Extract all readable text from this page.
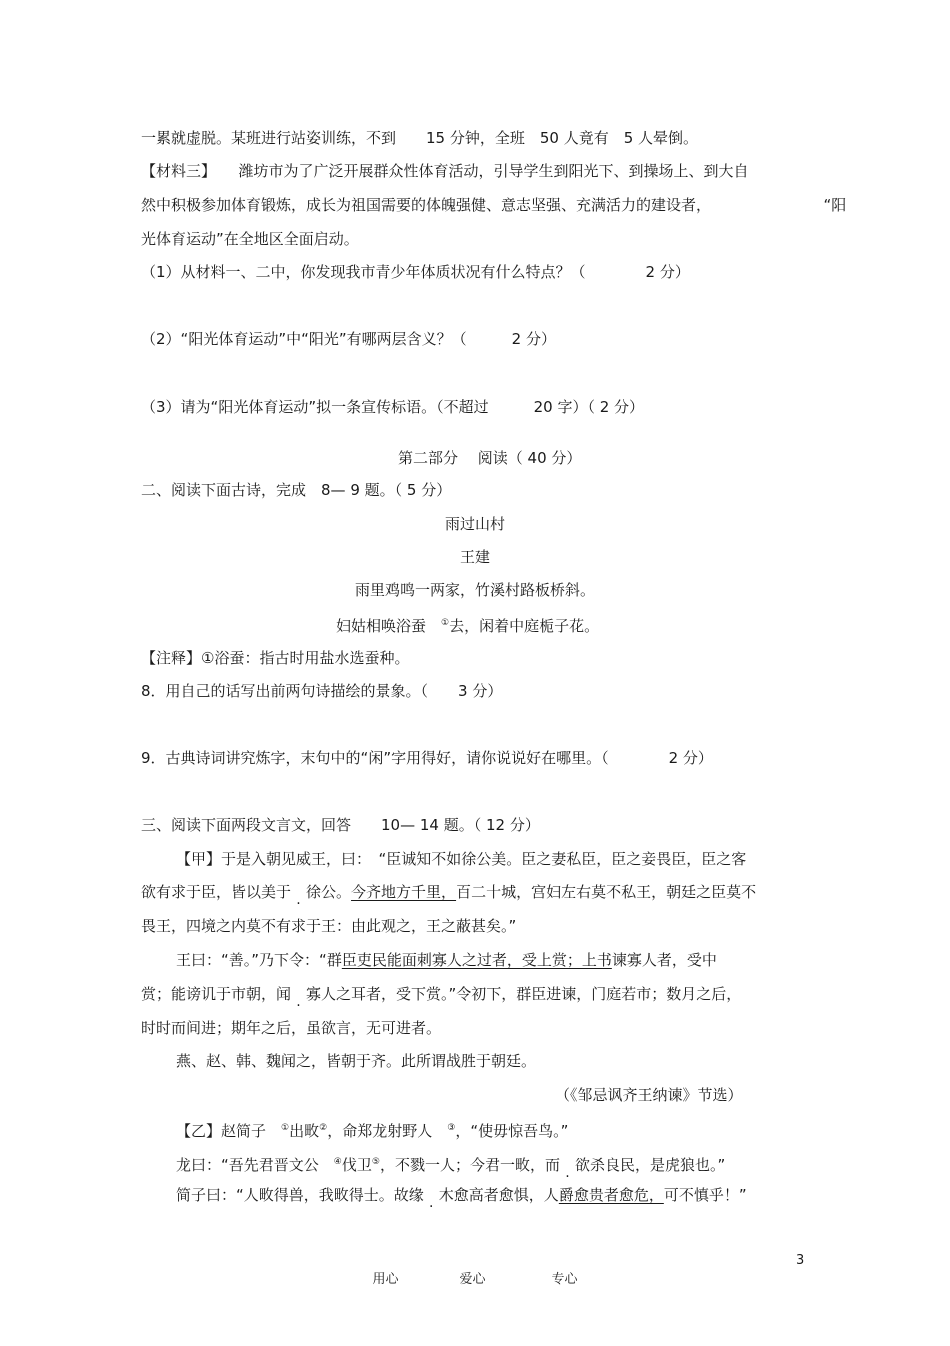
一累就虚脱。某班进行站姿训练，不到　　15 分钟，全班　50 人竟有　5 人晕倒。
【材料三】　　潍坊市为了广泛开展群众性体育活动，引导学生到阳光下、到操场上、到大自
然中积极参加体育锻炼，成长为祖国需要的体魄强健、意志坚强、充满活力的建设者，　　　　　　　　“阳
光体育运动”在全地区全面启动。
（1）从材料一、二中，你发现我市青少年体质状况有什么特点？（　　　　2 分）
（2）“阳光体育运动”中“阳光”有哪两层含义？（　　　2 分）
（3）请为“阳光体育运动”拟一条宣传标语。（不超过　　　20 字）（ 2 分）
第二部分　 阅读（ 40 分）
二、阅读下面古诗，完成　8— 9 题。（ 5 分）
雨过山村
王建
雨里鸡鸣一两家，竹溪村路板桥斜。
妇姑相唤浴蚕　 ①去，闲着中庭栀子花。
【注释】①浴蚕：指古时用盐水选蚕种。
8．用自己的话写出前两句诗描绘的景象。（　　3 分）
9．古典诗词讲究炼字，末句中的“闲”字用得好，请你说说好在哪里。（　　　　2 分）
三、阅读下面两段文言文，回答　　10— 14 题。（ 12 分）
【甲】于是入朝见威王，曰：　“臣诚知不如徐公美。臣之妻私臣，臣之妾畏臣，臣之客
欲有求于臣，皆以美于　 · 徐公。今齐地方千里，百二十城，宫妇左右莫不私王，朝廷之臣莫不
畏王，四境之内莫不有求于王：由此观之，王之蔽甚矣。”
王曰：“善。”乃下令：“群臣吏民能面刺寡人之过者，受上赏；上书谏寡人者，受中
赏；能谤讥于市朝，闻　 · 寡人之耳者，受下赏。”令初下，群臣进谏，门庭若市；数月之后，
时时而间进；期年之后，虽欲言，无可进者。
燕、赵、韩、魏闻之，皆朝于齐。此所谓战胜于朝廷。
（《邹忌讽齐王纳谏》节选）
【乙】赵简子　 ①出畋②，命郑龙射野人　 ③，“使毋惊吾鸟。”
龙曰：“吾先君晋文公　 ④伐卫⑤，不戮一人；今君一畋，而　 · 欲杀良民，是虎狼也。”
简子曰：“人畋得兽，我畋得士。故缘　 · 木愈高者愈惧，人爵愈贵者愈危，可不慎乎！”

用心	爱心	专心

3
